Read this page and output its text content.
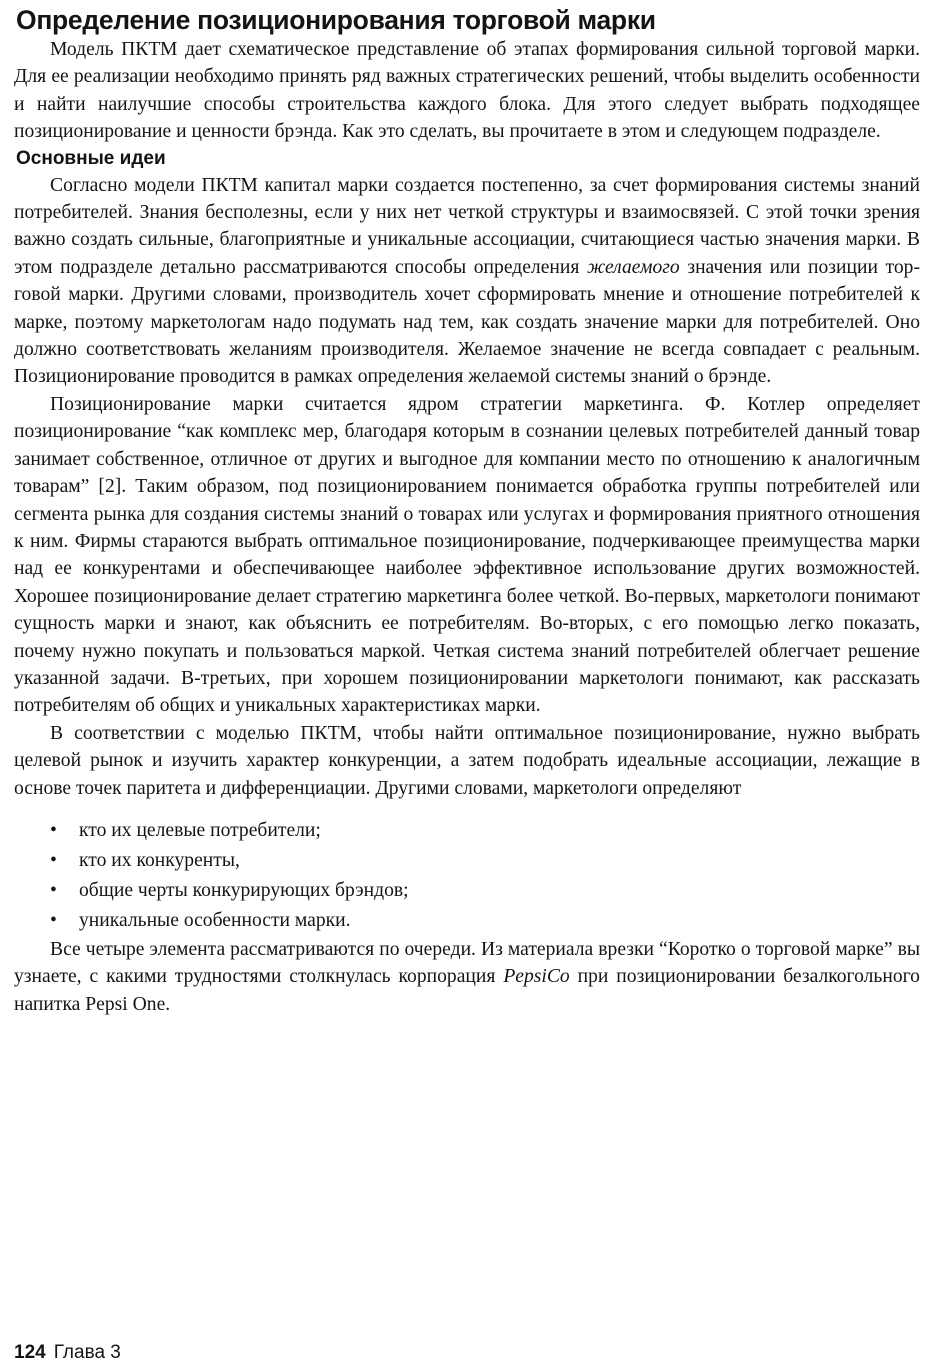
Определение позиционирования торговой марки

Модель ПКТМ дает схематическое представление об этапах формирования сильной торговой марки. Для ее реализации необходимо принять ряд важных стратегических решений, чтобы выделить особенности и найти наилучшие способы строительства каждого блока. Для этого следует выбрать подходящее позиционирование и ценности брэнда. Как это сделать, вы прочитаете в этом и следующем подразделе.

Основные идеи

Согласно модели ПКТМ капитал марки создается постепенно, за счет формирования системы знаний потребителей. Знания бесполезны, если у них нет четкой структуры и взаимосвязей. С этой точки зрения важно создать сильные, благоприятные и уникальные ассоциации, считающиеся частью значения марки. В этом подразделе детально рассматриваются способы определения желаемого значения или позиции торговой марки. Другими словами, производитель хочет сформировать мнение и отношение потребителей к марке, поэтому маркетологам надо подумать над тем, как создать значение марки для потребителей. Оно должно соответствовать желаниям производителя. Желаемое значение не всегда совпадает с реальным. Позиционирование проводится в рамках определения желаемой системы знаний о брэнде.

Позиционирование марки считается ядром стратегии маркетинга. Ф. Котлер определяет позиционирование “как комплекс мер, благодаря которым в сознании целевых потребителей данный товар занимает собственное, отличное от других и выгодное для компании место по отношению к аналогичным товарам” [2]. Таким образом, под позиционированием понимается обработка группы потребителей или сегмента рынка для создания системы знаний о товарах или услугах и формирования приятного отношения к ним. Фирмы стараются выбрать оптимальное позиционирование, подчеркивающее преимущества марки над ее конкурентами и обеспечивающее наиболее эффективное использование других возможностей. Хорошее позиционирование делает стратегию маркетинга более четкой. Во-первых, маркетологи понимают сущность марки и знают, как объяснить ее потребителям. Во-вторых, с его помощью легко показать, почему нужно покупать и пользоваться маркой. Четкая система знаний потребителей облегчает решение указанной задачи. В-третьих, при хорошем позиционировании маркетологи понимают, как рассказать потребителям об общих и уникальных характеристиках марки.

В соответствии с моделью ПКТМ, чтобы найти оптимальное позиционирование, нужно выбрать целевой рынок и изучить характер конкуренции, а затем подобрать идеальные ассоциации, лежащие в основе точек паритета и дифференциации. Другими словами, маркетологи определяют

• кто их целевые потребители;
• кто их конкуренты,
• общие черты конкурирующих брэндов;
• уникальные особенности марки.

Все четыре элемента рассматриваются по очереди. Из материала врезки “Коротко о торговой марке” вы узнаете, с какими трудностями столкнулась корпорация PepsiCo при позиционировании безалкогольного напитка Pepsi One.

124 Глава 3
